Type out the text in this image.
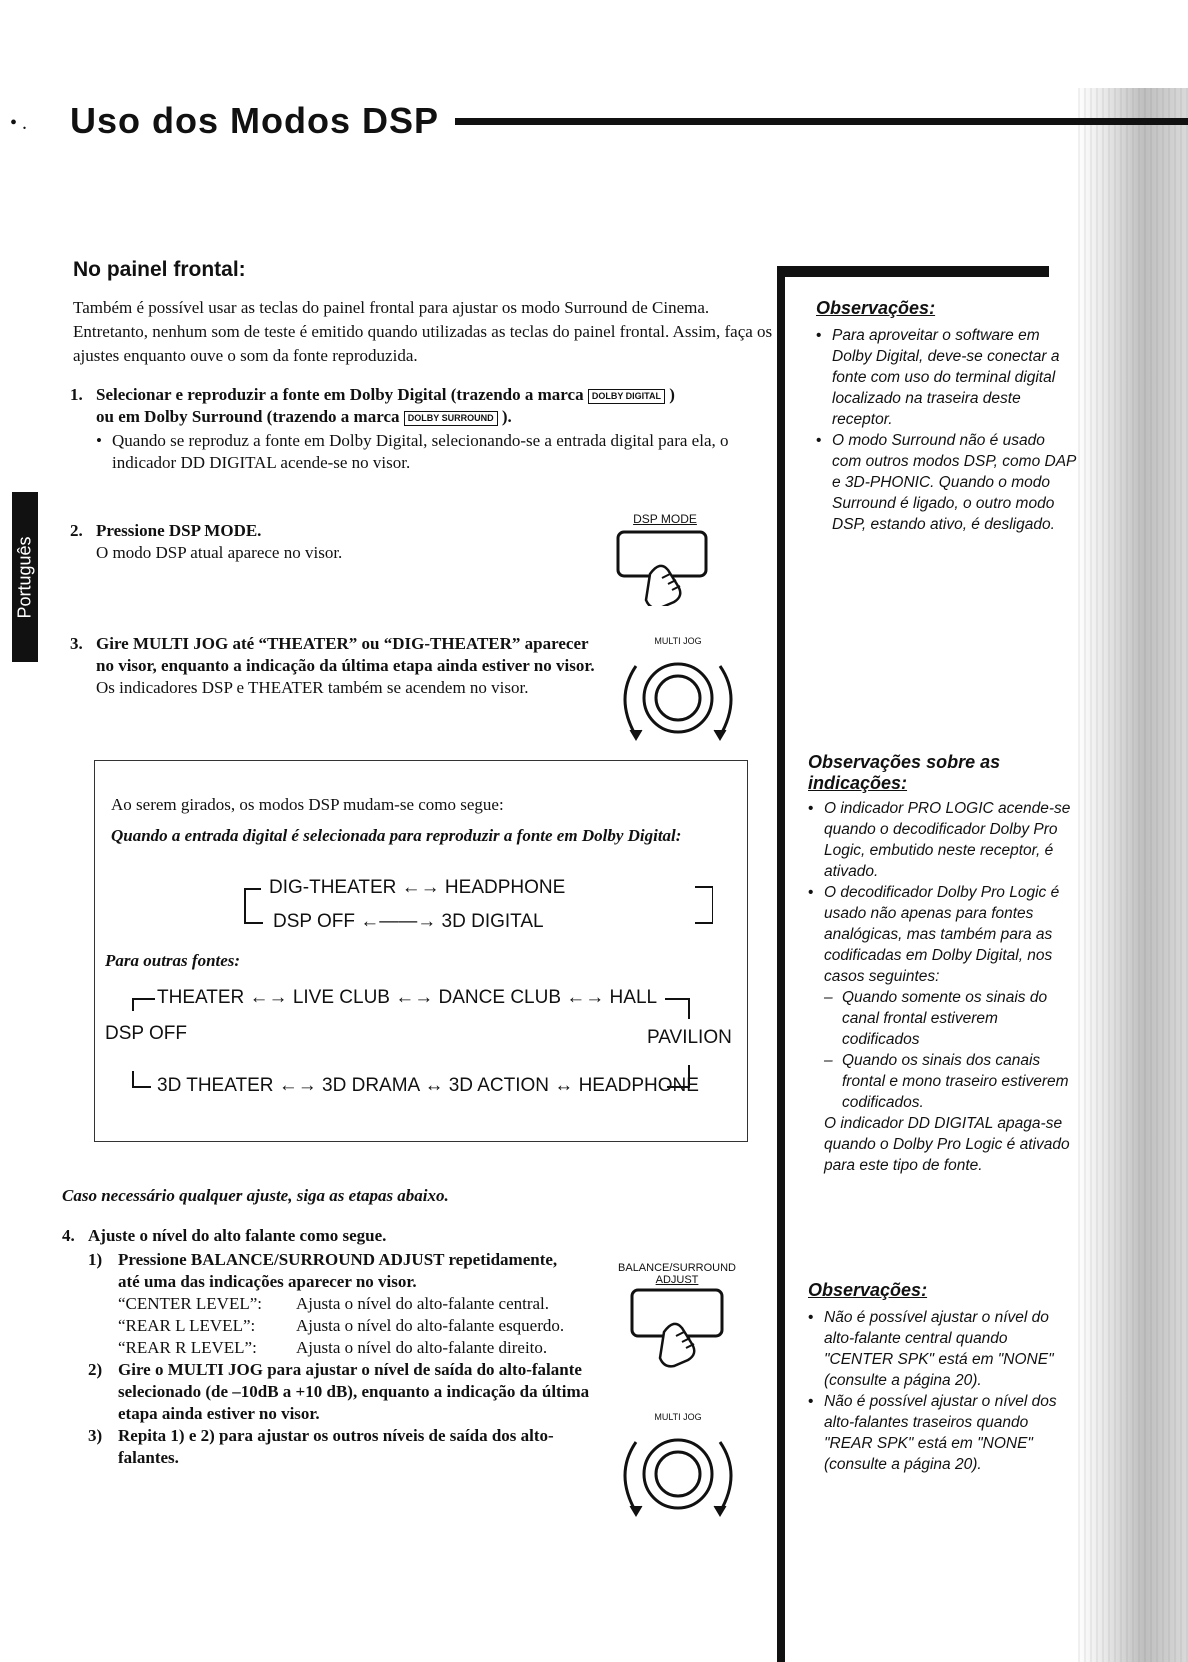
• . Uso dos Modos DSP
Português
No painel frontal:
Também é possível usar as teclas do painel frontal para ajustar os modo Surround de Cinema. Entretanto, nenhum som de teste é emitido quando utilizadas as teclas do painel frontal. Assim, faça os ajustes enquanto ouve o som da fonte reproduzida.
1. Selecionar e reproduzir a fonte em Dolby Digital (trazendo a marca DOLBY DIGITAL )
ou em Dolby Surround (trazendo a marca DOLBY SURROUND ).
• Quando se reproduz a fonte em Dolby Digital, selecionando-se a entrada digital para ela, o indicador DD DIGITAL acende-se no visor.
2. Pressione DSP MODE.
O modo DSP atual aparece no visor.
DSP MODE
3. Gire MULTI JOG até “THEATER” ou “DIG-THEATER” aparecer no visor, enquanto a indicação da última etapa ainda estiver no visor.
Os indicadores DSP e THEATER também se acendem no visor.
MULTI JOG
Ao serem girados, os modos DSP mudam-se como segue:
Quando a entrada digital é selecionada para reproduzir a fonte em Dolby Digital:
DIG-THEATER ←→ HEADPHONE
DSP OFF ←——→ 3D DIGITAL
Para outras fontes:
THEATER ←→ LIVE CLUB ←→ DANCE CLUB ←→ HALL
DSP OFF	PAVILION
3D THEATER ←→ 3D DRAMA ↔ 3D ACTION ↔ HEADPHONE
Caso necessário qualquer ajuste, siga as etapas abaixo.
4. Ajuste o nível do alto falante como segue.
1) Pressione BALANCE/SURROUND ADJUST repetidamente, até uma das indicações aparecer no visor.
“CENTER LEVEL”: Ajusta o nível do alto-falante central.
“REAR L LEVEL”: Ajusta o nível do alto-falante esquerdo.
“REAR R LEVEL”: Ajusta o nível do alto-falante direito.
2) Gire o MULTI JOG para ajustar o nível de saída do alto-falante selecionado (de –10dB a +10 dB), enquanto a indicação da última etapa ainda estiver no visor.
3) Repita 1) e 2) para ajustar os outros níveis de saída dos alto-falantes.
BALANCE/SURROUND
ADJUST
MULTI JOG
Observações:
• Para aproveitar o software em Dolby Digital, deve-se conectar a fonte com uso do terminal digital localizado na traseira deste receptor.
• O modo Surround não é usado com outros modos DSP, como DAP e 3D-PHONIC. Quando o modo Surround é ligado, o outro modo DSP, estando ativo, é desligado.
Observações sobre as
indicações:
• O indicador PRO LOGIC acende-se quando o decodificador Dolby Pro Logic, embutido neste receptor, é ativado.
• O decodificador Dolby Pro Logic é usado não apenas para fontes analógicas, mas também para as codificadas em Dolby Digital, nos casos seguintes:
– Quando somente os sinais do canal frontal estiverem codificados
– Quando os sinais dos canais frontal e mono traseiro estiverem codificados.
O indicador DD DIGITAL apaga-se quando o Dolby Pro Logic é ativado para este tipo de fonte.
Observações:
• Não é possível ajustar o nível do alto-falante central quando "CENTER SPK" está em "NONE" (consulte a página 20).
• Não é possível ajustar o nível dos alto-falantes traseiros quando "REAR SPK" está em "NONE" (consulte a página 20).
